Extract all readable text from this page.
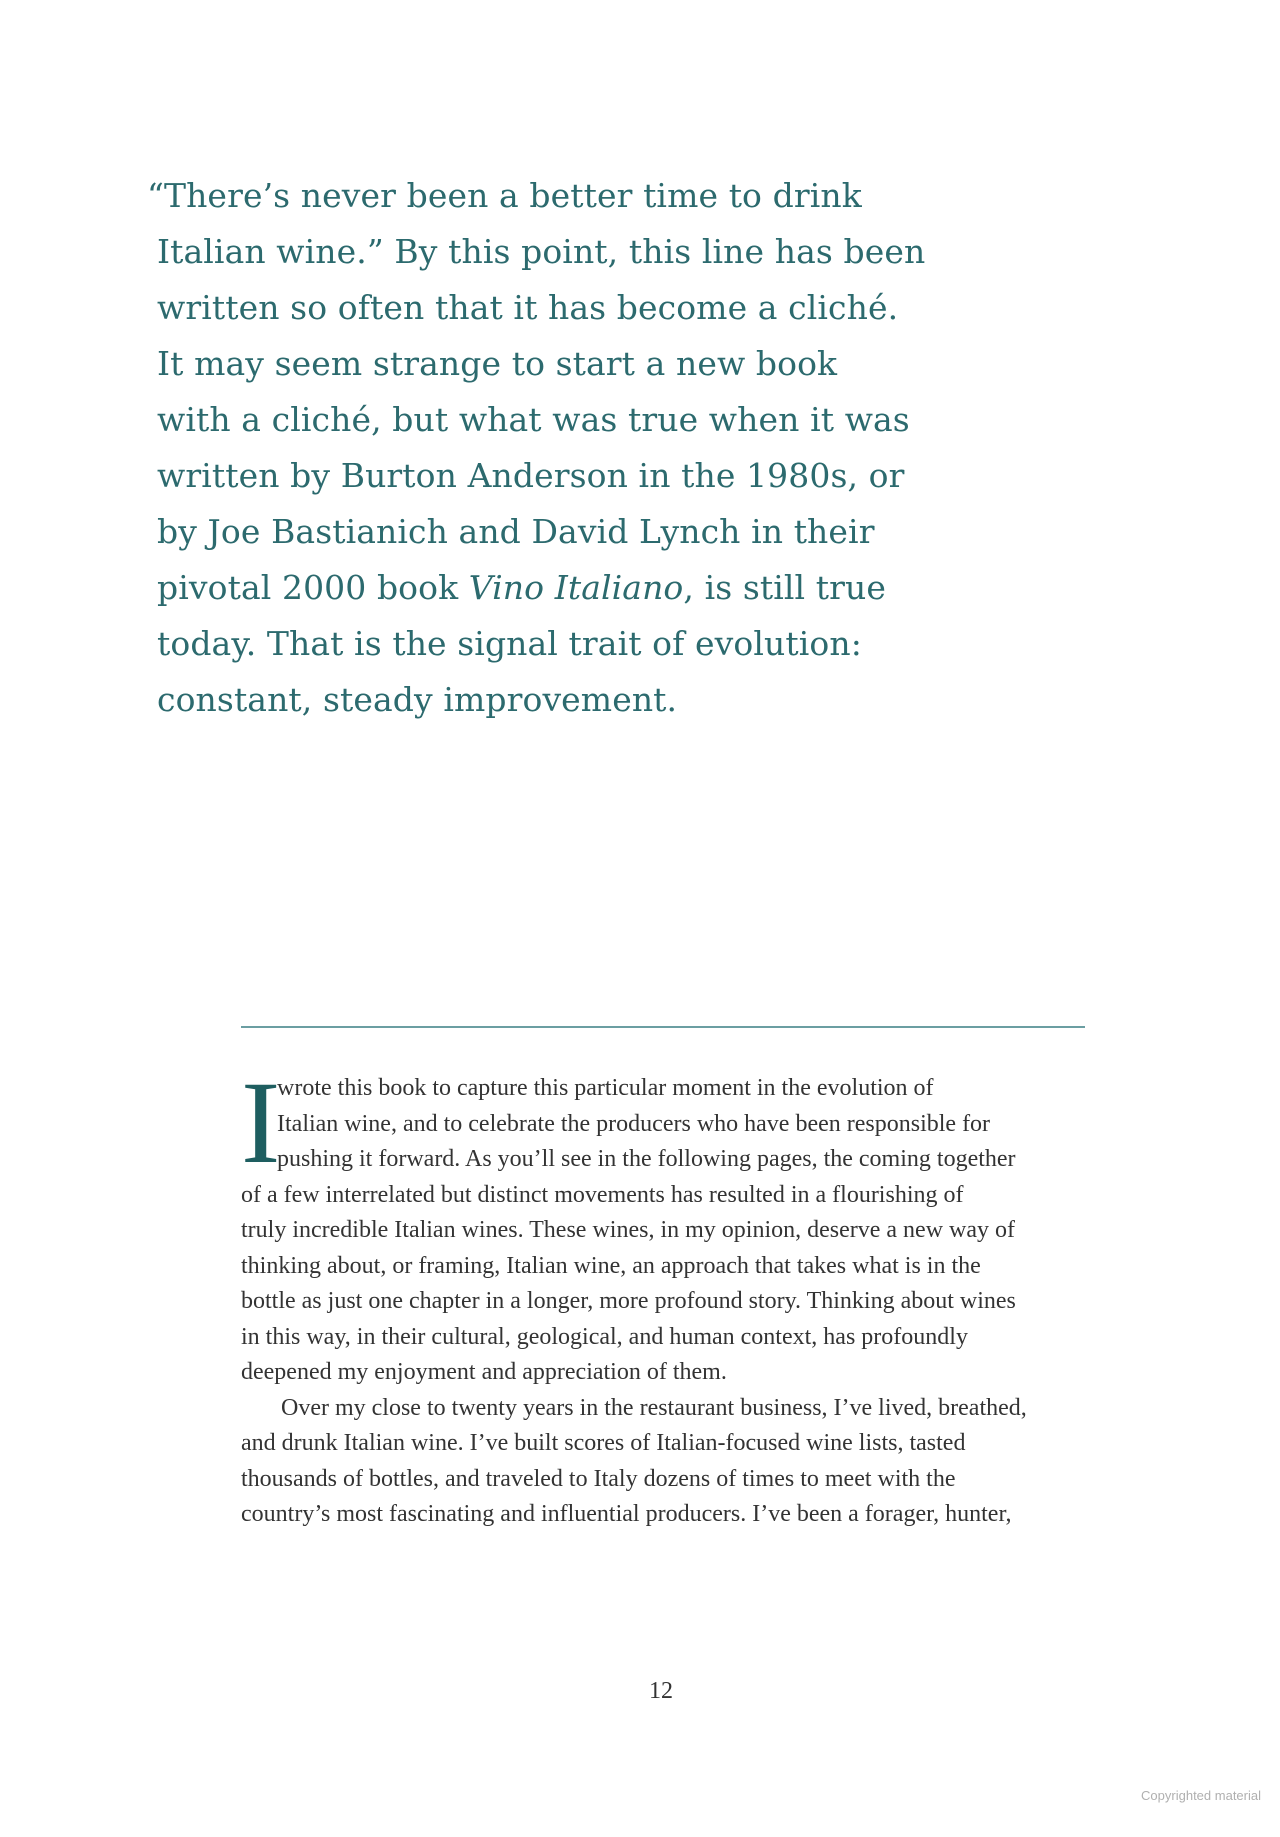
“There’s never been a better time to drink
Italian wine.” By this point, this line has been
written so often that it has become a cliché.
It may seem strange to start a new book
with a cliché, but what was true when it was
written by Burton Anderson in the 1980s, or
by Joe Bastianich and David Lynch in their
pivotal 2000 book Vino Italiano, is still true
today. That is the signal trait of evolution:
constant, steady improvement.
I
wrote this book to capture this particular moment in the evolution of
Italian wine, and to celebrate the producers who have been responsible for
pushing it forward. As you’ll see in the following pages, the coming together
of a few interrelated but distinct movements has resulted in a flourishing of
truly incredible Italian wines. These wines, in my opinion, deserve a new way of
thinking about, or framing, Italian wine, an approach that takes what is in the
bottle as just one chapter in a longer, more profound story. Thinking about wines
in this way, in their cultural, geological, and human context, has profoundly
deepened my enjoyment and appreciation of them.
Over my close to twenty years in the restaurant business, I’ve lived, breathed,
and drunk Italian wine. I’ve built scores of Italian-focused wine lists, tasted
thousands of bottles, and traveled to Italy dozens of times to meet with the
country’s most fascinating and influential producers. I’ve been a forager, hunter,
12
Copyrighted material
